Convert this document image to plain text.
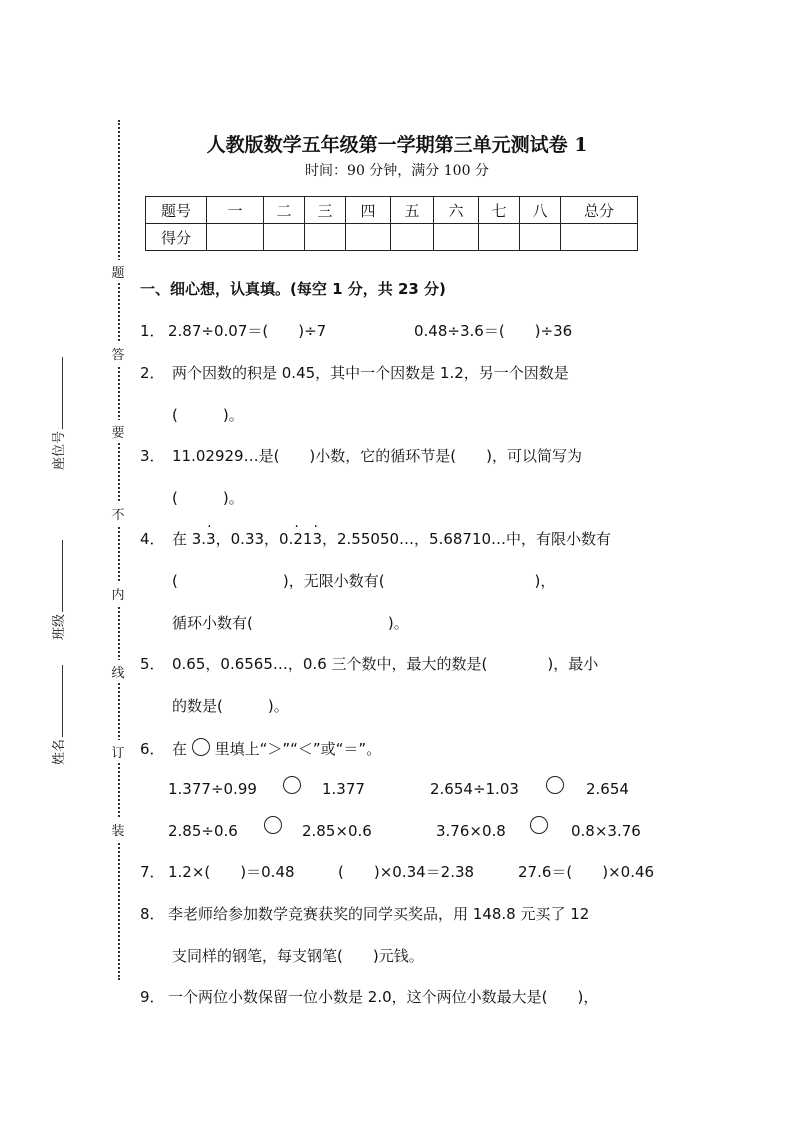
题
答
要
不
内
线
订
装
座位号
班级
姓名
人教版数学五年级第一学期第三单元测试卷 1
时间：90 分钟，满分 100 分
题号	一	二	三	四	五	六	七	八	总分
得分									
一、细心想，认真填。(每空 1 分，共 23 分)
1． 2.87÷0.07＝(　　)÷7	0.48÷3.6＝(　　)÷36
2． 两个因数的积是 0.45，其中一个因数是 1.2，另一个因数是
(　　　)。
3． 11.02929…是(　　)小数，它的循环节是(　　)，可以简写为
(　　　)。
4． 在 3.· 3，0.33，0.· 21· 3，2.55050…，5.68710…中，有限小数有
(　　　　　　　)，无限小数有(　　　　　　　　　　)，
循环小数有(　　　　　　　　　)。
5． 0.65，0.6565…，0.6 三个数中，最大的数是(　　　　)，最小
的数是(　　　)。
6． 在 里填上“＞”“＜”或“＝”。
1.377÷0.99	1.377	2.654÷1.03	2.654
2.85÷0.6	2.85×0.6	3.76×0.8	0.8×3.76
7． 1.2×(　　)＝0.48	(　　)×0.34＝2.38	27.6＝(　　)×0.46
8． 李老师给参加数学竞赛获奖的同学买奖品，用 148.8 元买了 12
支同样的钢笔，每支钢笔(　　)元钱。
9． 一个两位小数保留一位小数是 2.0，这个两位小数最大是(　　)，
